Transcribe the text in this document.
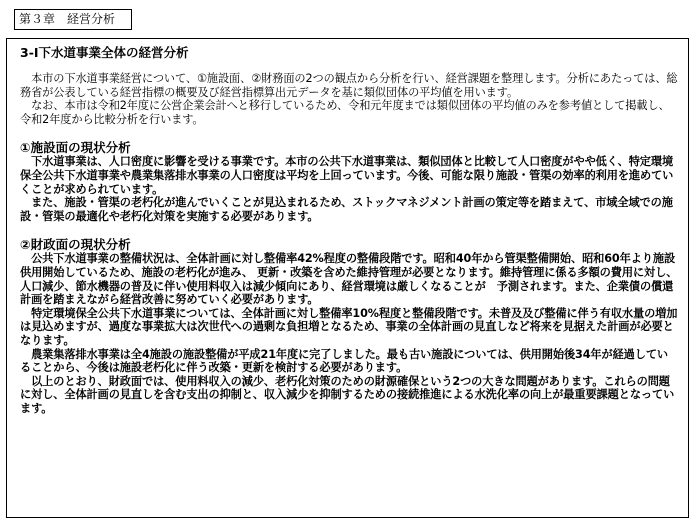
第３章　経営分析
3-Ⅰ下水道事業全体の経営分析

　本市の下水道事業経営について、①施設面、②財務面の2つの観点から分析を行い、経営課題を整理します。分析にあたっては、総務省が公表している経営指標の概要及び経営指標算出元データを基に類似団体の平均値を用います。

　なお、本市は令和2年度に公営企業会計へと移行しているため、令和元年度までは類似団体の平均値のみを参考値として掲載し、令和2年度から比較分析を行います。

①施設面の現状分析

　下水道事業は、人口密度に影響を受ける事業です。本市の公共下水道事業は、類似団体と比較して人口密度がやや低く、特定環境保全公共下水道事業や農業集落排水事業の人口密度は平均を上回っています。今後、可能な限り施設・管渠の効率的利用を進めていくことが求められています。

　また、施設・管渠の老朽化が進んでいくことが見込まれるため、ストックマネジメント計画の策定等を踏まえて、市域全域での施設・管渠の最適化や老朽化対策を実施する必要があります。

②財政面の現状分析

　公共下水道事業の整備状況は、全体計画に対し整備率42%程度の整備段階です。昭和40年から管渠整備開始、昭和60年より施設供用開始しているため、施設の老朽化が進み、 更新・改築を含めた維持管理が必要となります。維持管理に係る多額の費用に対し、人口減少、節水機器の普及に伴い使用料収入は減少傾向にあり、経営環境は厳しくなることが　予測されます。また、企業債の償還計画を踏まえながら経営改善に努めていく必要があります。

　特定環境保全公共下水道事業については、全体計画に対し整備率10%程度と整備段階です。未普及及び整備に伴う有収水量の増加は見込めますが、過度な事業拡大は次世代への過剰な負担増となるため、事業の全体計画の見直しなど将来を見据えた計画が必要と　なります。

　農業集落排水事業は全4施設の施設整備が平成21年度に完了しました。最も古い施設については、供用開始後34年が経過していることから、今後は施設老朽化に伴う改築・更新を検討する必要があります。

　以上のとおり、財政面では、使用料収入の減少、老朽化対策のための財源確保という2つの大きな問題があります。これらの問題に対し、全体計画の見直しを含む支出の抑制と、収入減少を抑制するための接続推進による水洗化率の向上が最重要課題となっています。
